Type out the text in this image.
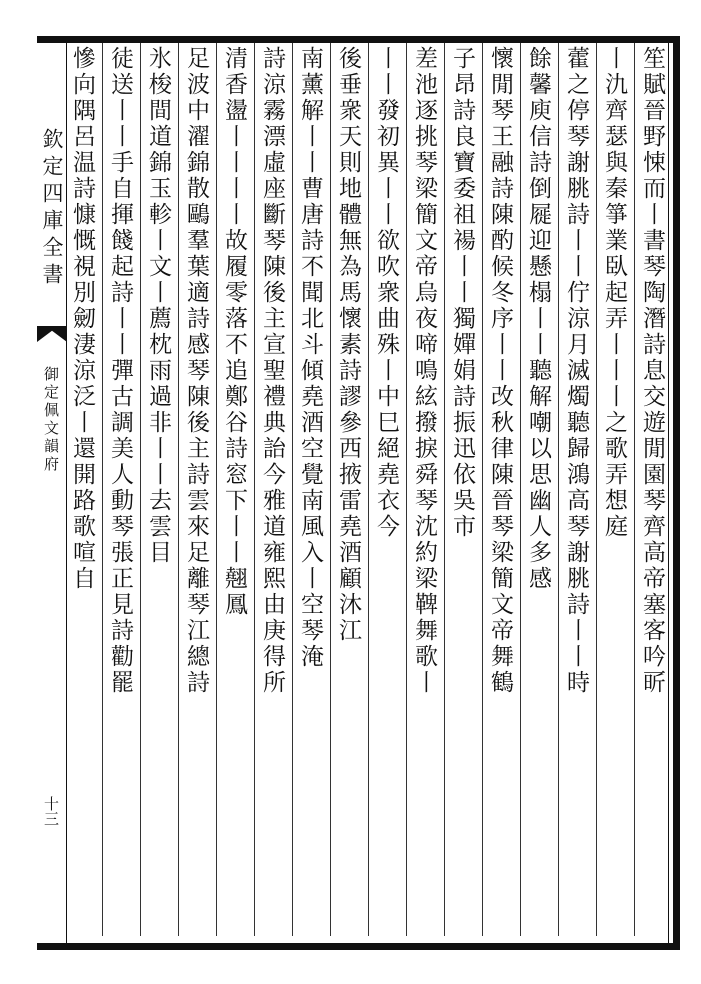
欽定四庫全書
御定佩文韻府
十三
笙賦晉野悚而丨書琴陶潛詩息交遊閒園琴齊高帝塞客吟㪽
丨氿齊瑟與秦箏業臥起弄丨丨丨之歌弄想庭
藿之停琴謝脁詩丨丨佇涼月滅燭聽歸鴻高琴謝脁詩丨丨時
餘馨庾信詩倒屣迎懸榻丨丨聽解嘲以思幽人多感
懷閒琴王融詩陳酌候冬序丨丨改秋律陳晉琴梁簡文帝舞鶴
子昂詩良寶委祖禓丨丨獨嬋娟詩振迅依吳市
差池逐挑琴梁簡文帝烏夜啼鳴絃撥捩舜琴沈約梁鞞舞歌丨
丨丨發初異丨丨欲吹衆曲殊丨中巳絕堯衣今
後垂衆天則地體無為馬懷素詩謬參西掖雷堯酒顧沐江
南薰解丨丨曹唐詩不聞北斗傾堯酒空覺南風入丨空琴淹
詩涼霧漂虛座斷琴陳後主宣聖禮典詒今雅道雍熙由庚得所
清香盪丨丨丨丨故履零落不追鄭谷詩窓下丨丨翹鳳
足波中濯錦散鷗羣葉適詩感琴陳後主詩雲來足離琴江總詩
氷梭間道錦玉軫丨文丨薦枕雨過非丨丨去雲目
徒送丨丨手自揮餞起詩丨丨彈古調美人動琴張正見詩勸罷
慘向隅呂温詩慷慨視別劒淒涼泛丨還開路歌喧自
